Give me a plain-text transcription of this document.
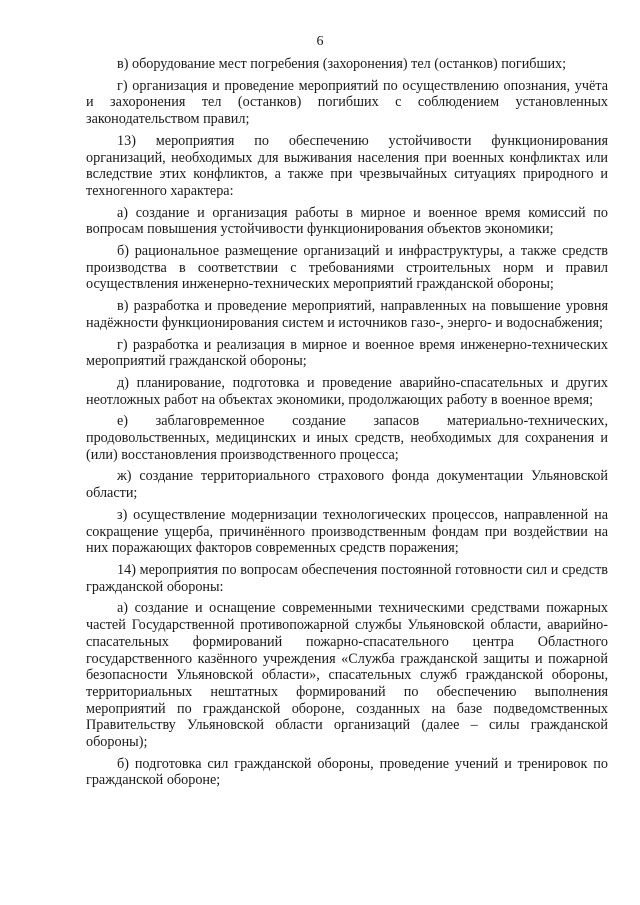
6

в) оборудование мест погребения (захоронения) тел (останков) погибших;

г) организация и проведение мероприятий по осуществлению опознания, учёта и захоронения тел (останков) погибших с соблюдением установленных законодательством правил;

13) мероприятия по обеспечению устойчивости функционирования организаций, необходимых для выживания населения при военных конфликтах или вследствие этих конфликтов, а также при чрезвычайных ситуациях природного и техногенного характера:

а) создание и организация работы в мирное и военное время комиссий по вопросам повышения устойчивости функционирования объектов экономики;

б) рациональное размещение организаций и инфраструктуры, а также средств производства в соответствии с требованиями строительных норм и правил осуществления инженерно-технических мероприятий гражданской обороны;

в) разработка и проведение мероприятий, направленных на повышение уровня надёжности функционирования систем и источников газо-, энерго- и водоснабжения;

г) разработка и реализация в мирное и военное время инженерно-технических мероприятий гражданской обороны;

д) планирование, подготовка и проведение аварийно-спасательных и других неотложных работ на объектах экономики, продолжающих работу в военное время;

е) заблаговременное создание запасов материально-технических, продовольственных, медицинских и иных средств, необходимых для сохранения и (или) восстановления производственного процесса;

ж) создание территориального страхового фонда документации Ульяновской области;

з) осуществление модернизации технологических процессов, направленной на сокращение ущерба, причинённого производственным фондам при воздействии на них поражающих факторов современных средств поражения;

14) мероприятия по вопросам обеспечения постоянной готовности сил и средств гражданской обороны:

а) создание и оснащение современными техническими средствами пожарных частей Государственной противопожарной службы Ульяновской области, аварийно-спасательных формирований пожарно-спасательного центра Областного государственного казённого учреждения «Служба гражданской защиты и пожарной безопасности Ульяновской области», спасательных служб гражданской обороны, территориальных нештатных формирований по обеспечению выполнения мероприятий по гражданской обороне, созданных на базе подведомственных Правительству Ульяновской области организаций (далее – силы гражданской обороны);

б) подготовка сил гражданской обороны, проведение учений и тренировок по гражданской обороне;
